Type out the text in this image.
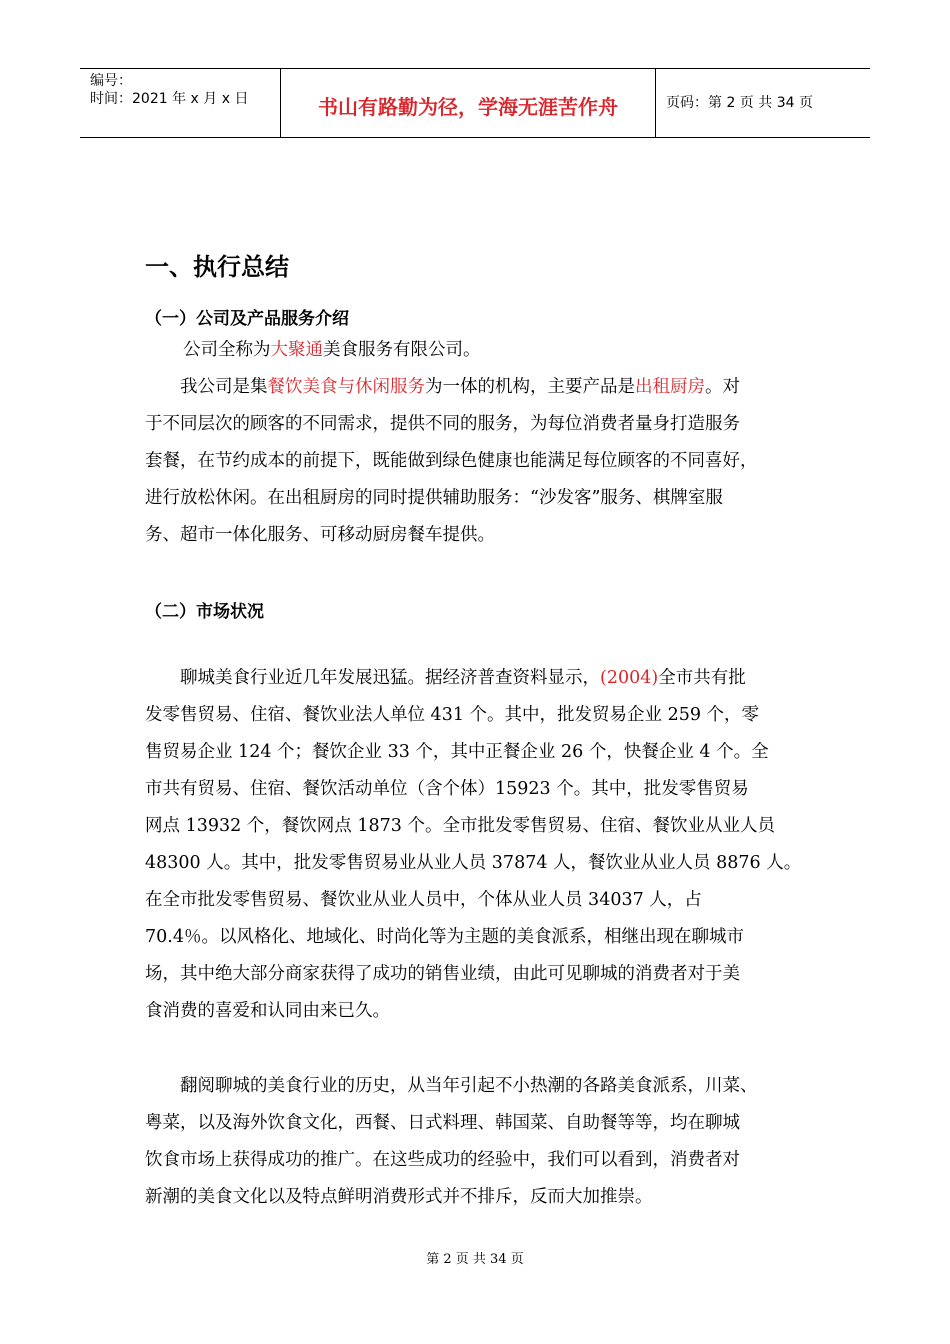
编号：
时间：2021 年 x 月 x 日	书山有路勤为径，学海无涯苦作舟	页码：第 2 页 共 34 页
一、执行总结
（一）公司及产品服务介绍
公司全称为大聚通美食服务有限公司。
我公司是集餐饮美食与休闲服务为一体的机构，主要产品是出租厨房。对
于不同层次的顾客的不同需求，提供不同的服务，为每位消费者量身打造服务
套餐，在节约成本的前提下，既能做到绿色健康也能满足每位顾客的不同喜好，
进行放松休闲。在出租厨房的同时提供辅助服务：“沙发客”服务、棋牌室服
务、超市一体化服务、可移动厨房餐车提供。
（二）市场状况
聊城美食行业近几年发展迅猛。据经济普查资料显示，(2004)全市共有批
发零售贸易、住宿、餐饮业法人单位 431 个。其中，批发贸易企业 259 个，零
售贸易企业 124 个；餐饮企业 33 个，其中正餐企业 26 个，快餐企业 4 个。全
市共有贸易、住宿、餐饮活动单位（含个体）15923 个。其中，批发零售贸易
网点 13932 个，餐饮网点 1873 个。全市批发零售贸易、住宿、餐饮业从业人员
48300 人。其中，批发零售贸易业从业人员 37874 人，餐饮业从业人员 8876 人。
在全市批发零售贸易、餐饮业从业人员中，个体从业人员 34037 人，占
70.4％。以风格化、地域化、时尚化等为主题的美食派系，相继出现在聊城市
场，其中绝大部分商家获得了成功的销售业绩，由此可见聊城的消费者对于美
食消费的喜爱和认同由来已久。
翻阅聊城的美食行业的历史，从当年引起不小热潮的各路美食派系，川菜、
粤菜，以及海外饮食文化，西餐、日式料理、韩国菜、自助餐等等，均在聊城
饮食市场上获得成功的推广。在这些成功的经验中，我们可以看到，消费者对
新潮的美食文化以及特点鲜明消费形式并不排斥，反而大加推崇。
第 2 页 共 34 页
